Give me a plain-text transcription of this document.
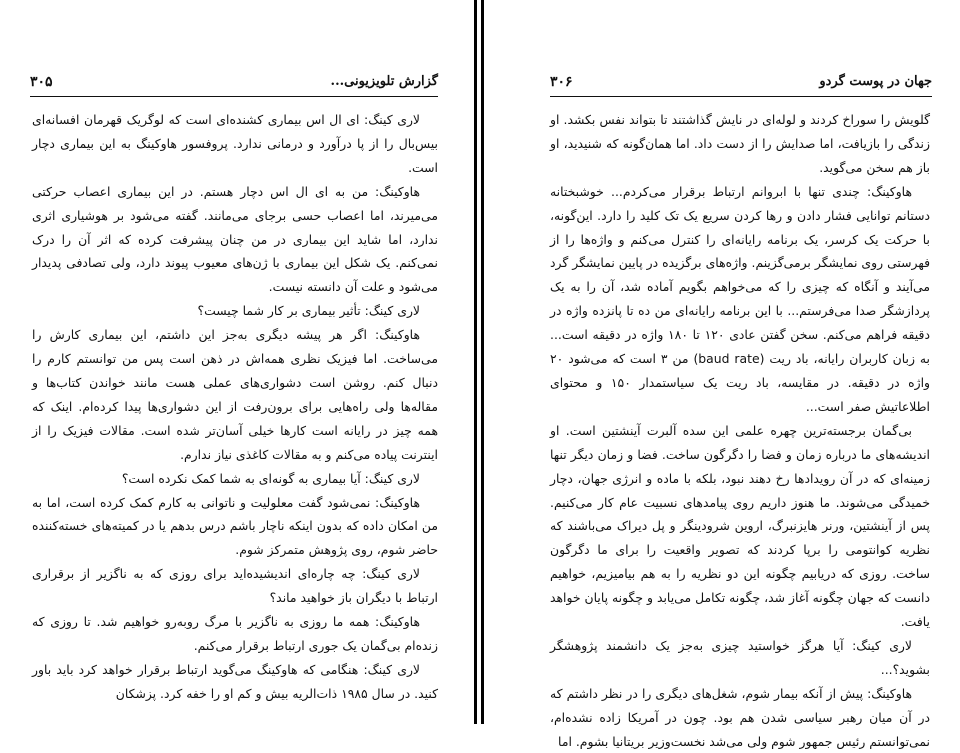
گزارش تلویزیونی...
۳۰۵

لاری کینگ: ای ال اس بیماری کشنده‌ای است که لوگریک قهرمان افسانه‌ای بیس‌بال را از پا درآورد و درمانی ندارد. پروفسور هاوکینگ به این بیماری دچار است.

هاوکینگ: من به ای ال اس دچار هستم. در این بیماری اعصاب حرکتی می‌میرند، اما اعصاب حسی برجای می‌مانند. گفته می‌شود بر هوشیاری اثری ندارد، اما شاید این بیماری در من چنان پیشرفت کرده که اثر آن را درک نمی‌کنم. یک شکل این بیماری با ژن‌های معیوب پیوند دارد، ولی تصادفی پدیدار می‌شود و علت آن دانسته نیست.

لاری کینگ: تأثیر بیماری بر کار شما چیست؟

هاوکینگ: اگر هر پیشه دیگری به‌جز این داشتم، این بیماری کارش را می‌ساخت. اما فیزیک نظری همه‌اش در ذهن است پس من توانستم کارم را دنبال کنم. روشن است دشواری‌های عملی هست مانند خواندن کتاب‌ها و مقاله‌ها ولی راه‌هایی برای برون‌رفت از این دشواری‌ها پیدا کرده‌ام. اینک که همه چیز در رایانه است کارها خیلی آسان‌تر شده است. مقالات فیزیک را از اینترنت پیاده می‌کنم و به مقالات کاغذی نیاز ندارم.

لاری کینگ: آیا بیماری به گونه‌ای به شما کمک نکرده است؟

هاوکینگ: نمی‌شود گفت معلولیت و ناتوانی به کارم کمک کرده است، اما به من امکان داده که بدون اینکه ناچار باشم درس بدهم یا در کمیته‌های خسته‌کننده حاضر شوم، روی پژوهش متمرکز شوم.

لاری کینگ: چه چاره‌ای اندیشیده‌اید برای روزی که به ناگزیر از برقراری ارتباط با دیگران باز خواهید ماند؟

هاوکینگ: همه ما روزی به ناگزیر با مرگ روبه‌رو خواهیم شد. تا روزی که زنده‌ام بی‌گمان یک جوری ارتباط برقرار می‌کنم.

لاری کینگ: هنگامی که هاوکینگ می‌گوید ارتباط برقرار خواهد کرد باید باور کنید. در سال ۱۹۸۵ ذات‌الریه بیش و کم او را خفه کرد. پزشکان

جهان در پوست گردو
۳۰۶

گلویش را سوراخ کردند و لوله‌ای در نایش گذاشتند تا بتواند نفس بکشد. او زندگی را بازیافت، اما صدایش را از دست داد. اما همان‌گونه که شنیدید، او باز هم سخن می‌گوید.

هاوکینگ: چندی تنها با ابروانم ارتباط برقرار می‌کردم... خوشبختانه دستانم توانایی فشار دادن و رها کردن سریع یک تک کلید را دارد. این‌گونه، با حرکت یک کرسر، یک برنامه رایانه‌ای را کنترل می‌کنم و واژه‌ها را از فهرستی روی نمایشگر برمی‌گزینم. واژه‌های برگزیده در پایین نمایشگر گرد می‌آیند و آنگاه که چیزی را که می‌خواهم بگویم آماده شد، آن را به یک پردازشگر صدا می‌فرستم... با این برنامه رایانه‌ای من ده تا پانزده واژه در دقیقه فراهم می‌کنم. سخن گفتن عادی ۱۲۰ تا ۱۸۰ واژه در دقیقه است... به زبان کاربران رایانه، باد ریت (baud rate) من ۳ است که می‌شود ۲۰ واژه در دقیقه. در مقایسه، باد ریت یک سیاستمدار ۱۵۰ و محتوای اطلاعاتیش صفر است...

بی‌گمان برجسته‌ترین چهره علمی این سده آلبرت آینشتین است. او اندیشه‌های ما درباره زمان و فضا را دگرگون ساخت. فضا و زمان دیگر تنها زمینه‌ای که در آن رویدادها رخ دهند نبود، بلکه با ماده و انرژی جهان، دچار خمیدگی می‌شوند. ما هنوز داریم روی پیامدهای نسبیت عام کار می‌کنیم. پس از آینشتین، ورنر هایزنبرگ، اروین شرودینگر و پل دیراک می‌باشند که نظریه کوانتومی را برپا کردند که تصویر واقعیت را برای ما دگرگون ساخت. روزی که دریابیم چگونه این دو نظریه را به هم بیامیزیم، خواهیم دانست که جهان چگونه آغاز شد، چگونه تکامل می‌یابد و چگونه پایان خواهد یافت.

لاری کینگ: آیا هرگز خواستید چیزی به‌جز یک دانشمند پژوهشگر بشوید؟...

هاوکینگ: پیش از آنکه بیمار شوم، شغل‌های دیگری را در نظر داشتم که در آن میان رهبر سیاسی شدن هم بود. چون در آمریکا زاده نشده‌ام، نمی‌توانستم رئیس جمهور شوم ولی می‌شد نخست‌وزیر بریتانیا بشوم. اما
